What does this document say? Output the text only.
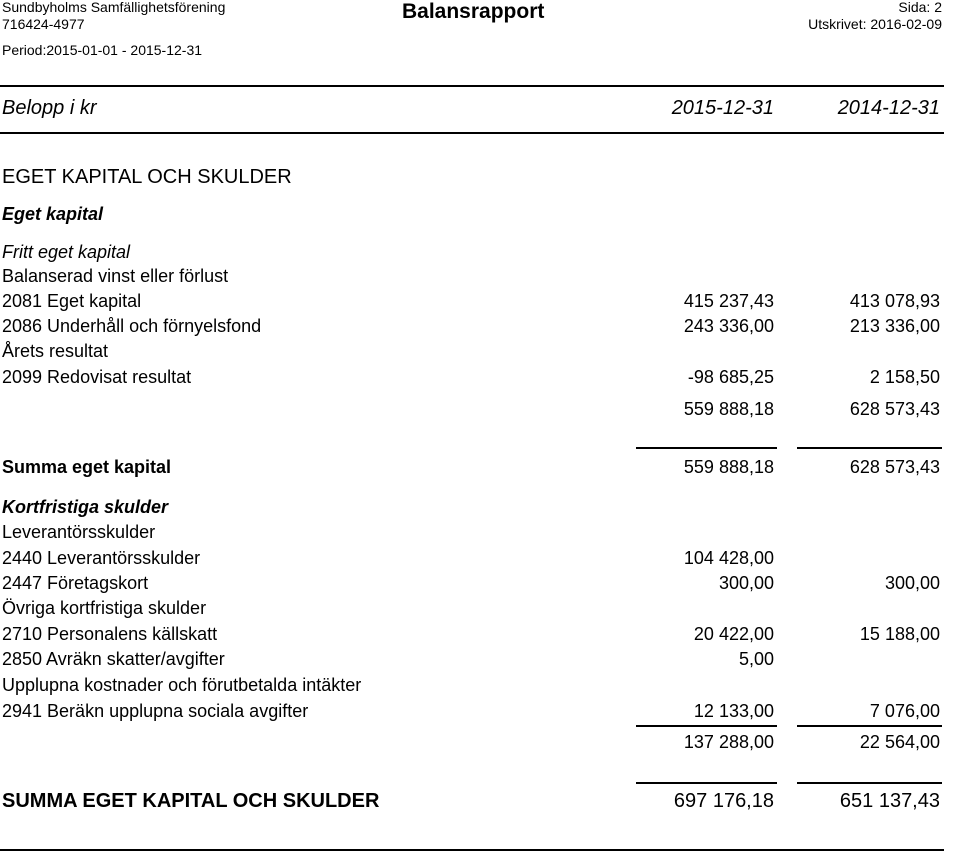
Sundbyholms Samfällighetsförening
716424-4977
Period:2015-01-01 - 2015-12-31
Balansrapport	Sida: 2
Utskrivet: 2016-02-09
Belopp i kr	2015-12-31	2014-12-31
EGET KAPITAL OCH SKULDER
Eget kapital
Fritt eget kapital
Balanserad vinst eller förlust
2081 Eget kapital	415 237,43	413 078,93
2086 Underhåll och förnyelsfond	243 336,00	213 336,00
Årets resultat
2099 Redovisat resultat	-98 685,25	2 158,50
559 888,18	628 573,43
Summa eget kapital	559 888,18	628 573,43
Kortfristiga skulder
Leverantörsskulder
2440 Leverantörsskulder	104 428,00
2447 Företagskort	300,00	300,00
Övriga kortfristiga skulder
2710 Personalens källskatt	20 422,00	15 188,00
2850 Avräkn skatter/avgifter	5,00
Upplupna kostnader och förutbetalda intäkter
2941 Beräkn upplupna sociala avgifter	12 133,00	7 076,00
137 288,00	22 564,00
SUMMA EGET KAPITAL OCH SKULDER	697 176,18	651 137,43
